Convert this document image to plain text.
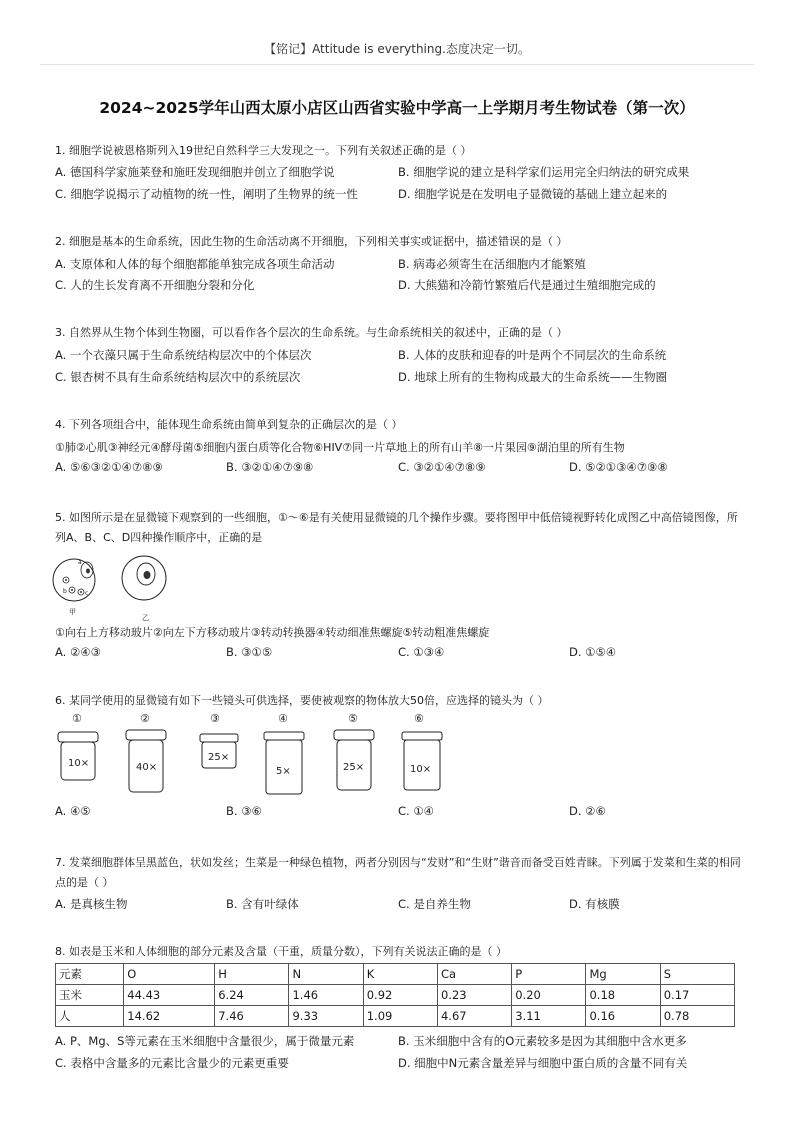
【铭记】Attitude is everything.态度决定一切。
2024~2025学年山西太原小店区山西省实验中学高一上学期月考生物试卷（第一次）
1. 细胞学说被恩格斯列入19世纪自然科学三大发现之一。下列有关叙述正确的是（ ）
A. 德国科学家施莱登和施旺发现细胞并创立了细胞学说	B. 细胞学说的建立是科学家们运用完全归纳法的研究成果
C. 细胞学说揭示了动植物的统一性，阐明了生物界的统一性	D. 细胞学说是在发明电子显微镜的基础上建立起来的
2. 细胞是基本的生命系统，因此生物的生命活动离不开细胞，下列相关事实或证据中，描述错误的是（ ）
A. 支原体和人体的每个细胞都能单独完成各项生命活动	B. 病毒必须寄生在活细胞内才能繁殖
C. 人的生长发育离不开细胞分裂和分化	D. 大熊猫和冷箭竹繁殖后代是通过生殖细胞完成的
3. 自然界从生物个体到生物圈，可以看作各个层次的生命系统。与生命系统相关的叙述中，正确的是（ ）
A. 一个衣藻只属于生命系统结构层次中的个体层次	B. 人体的皮肤和迎春的叶是两个不同层次的生命系统
C. 银杏树不具有生命系统结构层次中的系统层次	D. 地球上所有的生物构成最大的生命系统——生物圈
4. 下列各项组合中，能体现生命系统由简单到复杂的正确层次的是（ ）
①肺②心肌③神经元④酵母菌⑤细胞内蛋白质等化合物⑥HIV⑦同一片草地上的所有山羊⑧一片果园⑨湖泊里的所有生物
A. ⑤⑥③②①④⑦⑧⑨	B. ③②①④⑦⑨⑧	C. ③②①④⑦⑧⑨	D. ⑤②①③④⑦⑨⑧
5. 如图所示是在显微镜下观察到的一些细胞，①～⑥是有关使用显微镜的几个操作步骤。要将图甲中低倍镜视野转化成图乙中高倍镜图像，所列A、B、C、D四种操作顺序中，正确的是
a
b	c
甲
乙
①向右上方移动玻片②向左下方移动玻片③转动转换器④转动细准焦螺旋⑤转动粗准焦螺旋
A. ②④③	B. ③①⑤	C. ①③④	D. ①⑤④
6. 某同学使用的显微镜有如下一些镜头可供选择，要使被观察的物体放大50倍，应选择的镜头为（ ）
①
10×
②
40×
③
25×
④
5×
⑤
25×
⑥
10×
A. ④⑤	B. ③⑥	C. ①④	D. ②⑥
7. 发菜细胞群体呈黑蓝色，状如发丝；生菜是一种绿色植物，两者分别因与“发财”和“生财”谐音而备受百姓青睐。下列属于发菜和生菜的相同点的是（ ）
A. 是真核生物	B. 含有叶绿体	C. 是自养生物	D. 有核膜
8. 如表是玉米和人体细胞的部分元素及含量（干重，质量分数），下列有关说法正确的是（ ）
元素	O	H	N	K	Ca	P	Mg	S
玉米	44.43	6.24	1.46	0.92	0.23	0.20	0.18	0.17
人	14.62	7.46	9.33	1.09	4.67	3.11	0.16	0.78
A. P、Mg、S等元素在玉米细胞中含量很少，属于微量元素	B. 玉米细胞中含有的O元素较多是因为其细胞中含水更多
C. 表格中含量多的元素比含量少的元素更重要	D. 细胞中N元素含量差异与细胞中蛋白质的含量不同有关
